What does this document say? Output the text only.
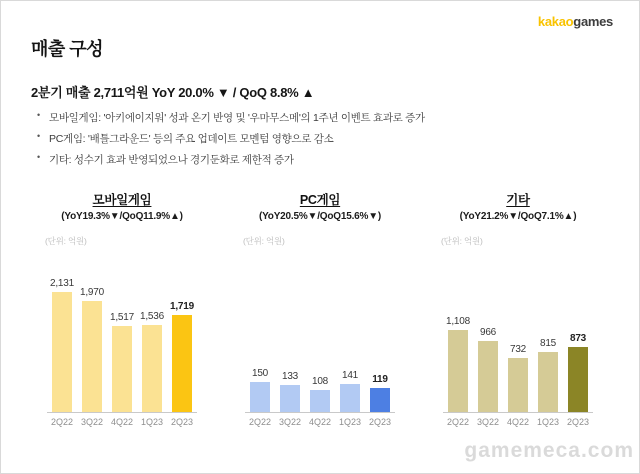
kakaogames
매출 구성
2분기 매출 2,711억원 YoY 20.0% ▼ / QoQ 8.8% ▲
• 모바일게임: '아키에이지워' 성과 온기 반영 및 '우마무스메'의 1주년 이벤트 효과로 증가
• PC게임: '배틀그라운드' 등의 주요 업데이트 모멘텀 영향으로 감소
• 기타: 성수기 효과 반영되었으나 경기둔화로 제한적 증가
모바일게임
(YoY19.3%▼/QoQ11.9%▲)
(단위: 억원)
2,131
1,970
1,517 1,536
1,719
2Q22 3Q22 4Q22 1Q23 2Q23
PC게임
(YoY20.5%▼/QoQ15.6%▼)
(단위: 억원)
150 133 108
141 119
2Q22 3Q22 4Q22 1Q23 2Q23
기타
(YoY21.2%▼/QoQ7.1%▲)
(단위: 억원)
1,108
966
732
815 873
2Q22 3Q22 4Q22 1Q23 2Q23
gamemeca.com
